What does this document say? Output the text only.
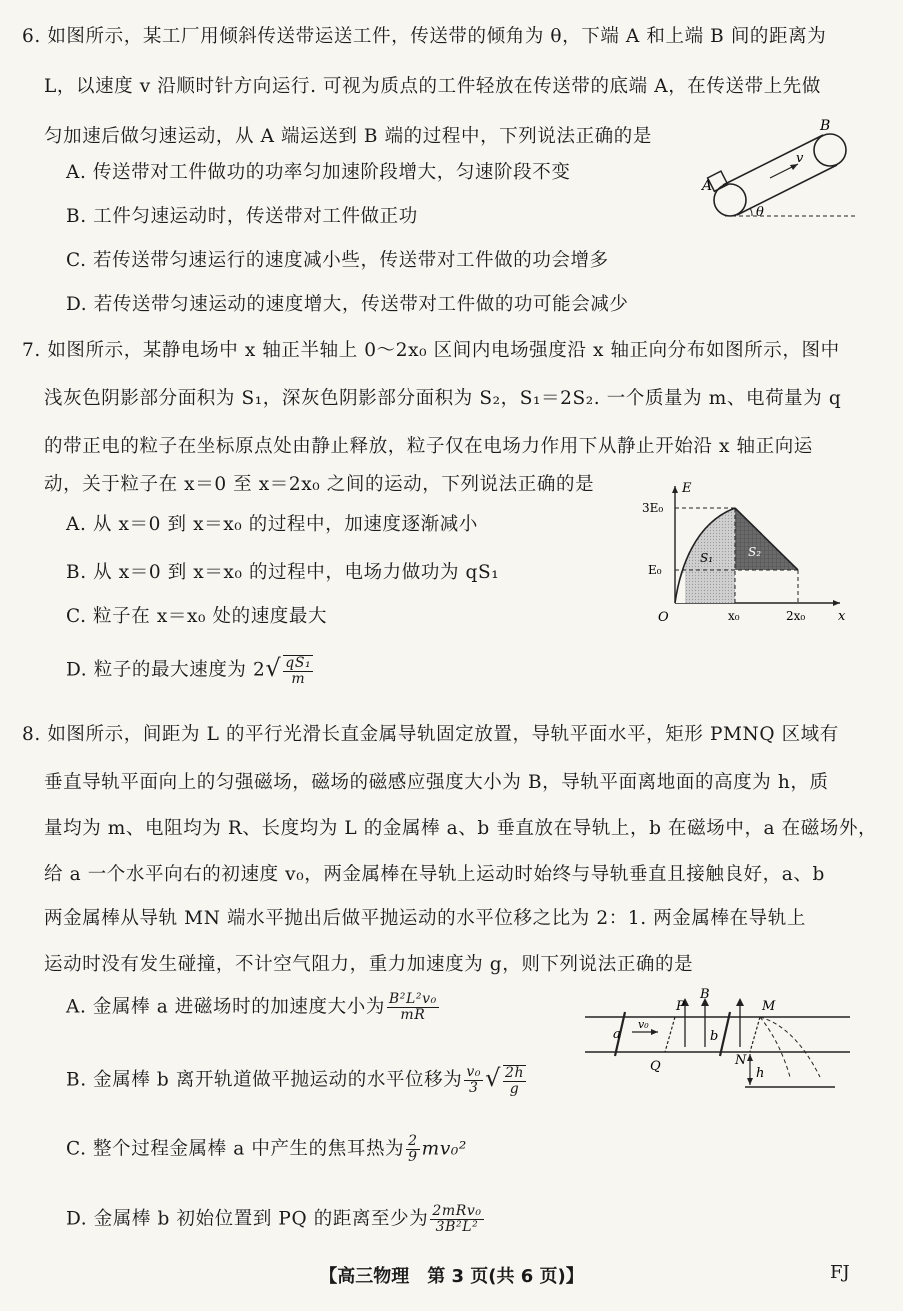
6. 如图所示，某工厂用倾斜传送带运送工件，传送带的倾角为 θ，下端 A 和上端 B 间的距离为
L，以速度 v 沿顺时针方向运行. 可视为质点的工件轻放在传送带的底端 A，在传送带上先做
匀加速后做匀速运动，从 A 端运送到 B 端的过程中，下列说法正确的是
A. 传送带对工件做功的功率匀加速阶段增大，匀速阶段不变
B. 工件匀速运动时，传送带对工件做正功
C. 若传送带匀速运行的速度减小些，传送带对工件做的功会增多
D. 若传送带匀速运动的速度增大，传送带对工件做的功可能会减少
A
B
v
θ
7. 如图所示，某静电场中 x 轴正半轴上 0～2x₀ 区间内电场强度沿 x 轴正向分布如图所示，图中
浅灰色阴影部分面积为 S₁，深灰色阴影部分面积为 S₂，S₁＝2S₂. 一个质量为 m、电荷量为 q
的带正电的粒子在坐标原点处由静止释放，粒子仅在电场力作用下从静止开始沿 x 轴正向运
动，关于粒子在 x＝0 至 x＝2x₀ 之间的运动，下列说法正确的是
A. 从 x＝0 到 x＝x₀ 的过程中，加速度逐渐减小
B. 从 x＝0 到 x＝x₀ 的过程中，电场力做功为 qS₁
C. 粒子在 x＝x₀ 处的速度最大
D. 粒子的最大速度为 $2√ \frac{\text{qS₁}}{m}$
E
x
O
3E₀
E₀
x₀	2x₀
S₁	S₂
8. 如图所示，间距为 L 的平行光滑长直金属导轨固定放置，导轨平面水平，矩形 PMNQ 区域有
垂直导轨平面向上的匀强磁场，磁场的磁感应强度大小为 B，导轨平面离地面的高度为 h，质
量均为 m、电阻均为 R、长度均为 L 的金属棒 a、b 垂直放在导轨上，b 在磁场中，a 在磁场外，
给 a 一个水平向右的初速度 v₀，两金属棒在导轨上运动时始终与导轨垂直且接触良好，a、b
两金属棒从导轨 MN 端水平抛出后做平抛运动的水平位移之比为 2：1. 两金属棒在导轨上
运动时没有发生碰撞，不计空气阻力，重力加速度为 g，则下列说法正确的是
A. 金属棒 a 进磁场时的加速度大小为 $\frac{\text{B²L²v₀}}{mR}$
B. 金属棒 b 离开轨道做平抛运动的水平位移为 $\frac{\text{v₀}}{3}$ √ $\frac{2h}{g}$
C. 整个过程金属棒 a 中产生的焦耳热为 $\frac{2}{9} mv_0^2$
D. 金属棒 b 初始位置到 PQ 的距离至少为 $\frac{\text{2mRv₀}}{\text{3B²L²}}$
P
B
M
a
v₀
b
Q	N
h
【高三物理　第 3 页(共 6 页)】	FJ
